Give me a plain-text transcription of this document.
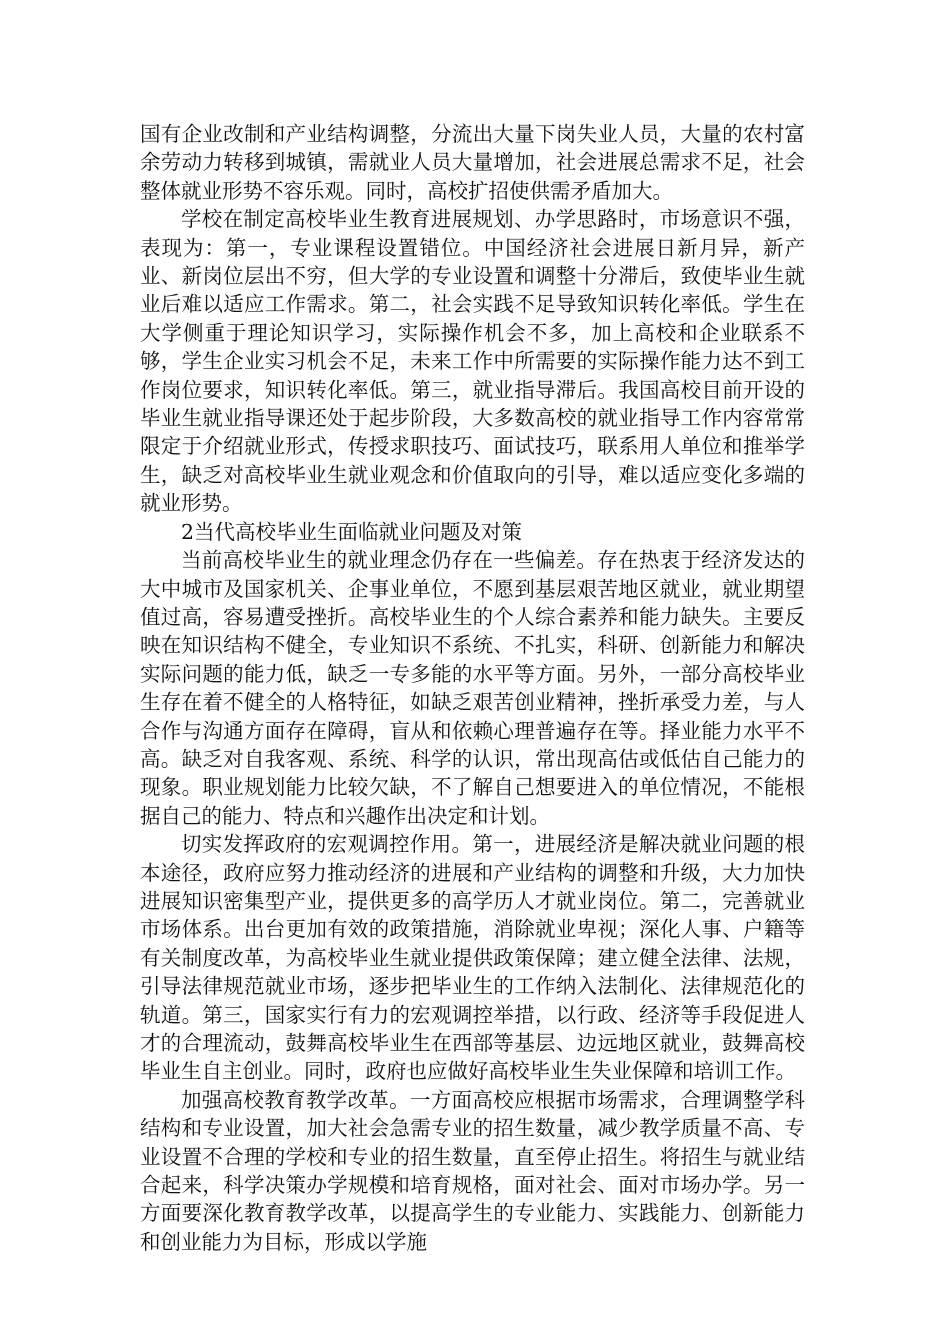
国有企业改制和产业结构调整，分流出大量下岗失业人员，大量的农村富余劳动力转移到城镇，需就业人员大量增加，社会进展总需求不足，社会整体就业形势不容乐观。同时，高校扩招使供需矛盾加大。

学校在制定高校毕业生教育进展规划、办学思路时，市场意识不强，表现为：第一，专业课程设置错位。中国经济社会进展日新月异，新产业、新岗位层出不穷，但大学的专业设置和调整十分滞后，致使毕业生就业后难以适应工作需求。第二，社会实践不足导致知识转化率低。学生在大学侧重于理论知识学习，实际操作机会不多，加上高校和企业联系不够，学生企业实习机会不足，未来工作中所需要的实际操作能力达不到工作岗位要求，知识转化率低。第三，就业指导滞后。我国高校目前开设的毕业生就业指导课还处于起步阶段，大多数高校的就业指导工作内容常常限定于介绍就业形式，传授求职技巧、面试技巧，联系用人单位和推举学生，缺乏对高校毕业生就业观念和价值取向的引导，难以适应变化多端的就业形势。

2当代高校毕业生面临就业问题及对策

当前高校毕业生的就业理念仍存在一些偏差。存在热衷于经济发达的大中城市及国家机关、企事业单位，不愿到基层艰苦地区就业，就业期望值过高，容易遭受挫折。高校毕业生的个人综合素养和能力缺失。主要反映在知识结构不健全，专业知识不系统、不扎实，科研、创新能力和解决实际问题的能力低，缺乏一专多能的水平等方面。另外，一部分高校毕业生存在着不健全的人格特征，如缺乏艰苦创业精神，挫折承受力差，与人合作与沟通方面存在障碍，盲从和依赖心理普遍存在等。择业能力水平不高。缺乏对自我客观、系统、科学的认识，常出现高估或低估自己能力的现象。职业规划能力比较欠缺，不了解自己想要进入的单位情况，不能根据自己的能力、特点和兴趣作出决定和计划。

切实发挥政府的宏观调控作用。第一，进展经济是解决就业问题的根本途径，政府应努力推动经济的进展和产业结构的调整和升级，大力加快进展知识密集型产业，提供更多的高学历人才就业岗位。第二，完善就业市场体系。出台更加有效的政策措施，消除就业卑视；深化人事、户籍等有关制度改革，为高校毕业生就业提供政策保障；建立健全法律、法规，引导法律规范就业市场，逐步把毕业生的工作纳入法制化、法律规范化的轨道。第三，国家实行有力的宏观调控举措，以行政、经济等手段促进人才的合理流动，鼓舞高校毕业生在西部等基层、边远地区就业，鼓舞高校毕业生自主创业。同时，政府也应做好高校毕业生失业保障和培训工作。

加强高校教育教学改革。一方面高校应根据市场需求，合理调整学科结构和专业设置，加大社会急需专业的招生数量，减少教学质量不高、专业设置不合理的学校和专业的招生数量，直至停止招生。将招生与就业结合起来，科学决策办学规模和培育规格，面对社会、面对市场办学。另一方面要深化教育教学改革，以提高学生的专业能力、实践能力、创新能力和创业能力为目标，形成以学施
